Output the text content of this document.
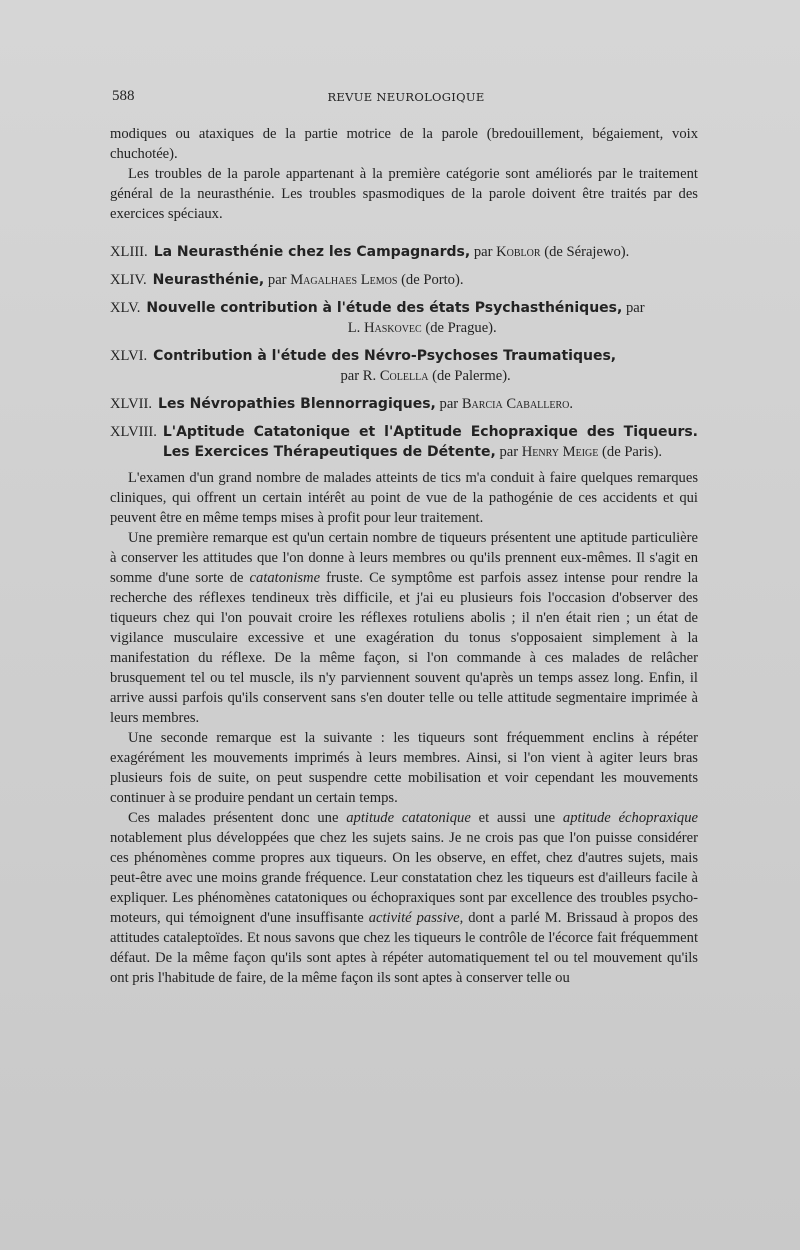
588	REVUE NEUROLOGIQUE

modiques ou ataxiques de la partie motrice de la parole (bredouillement, bégaiement, voix chuchotée).

Les troubles de la parole appartenant à la première catégorie sont améliorés par le traitement général de la neurasthénie. Les troubles spasmodiques de la parole doivent être traités par des exercices spéciaux.

XLIII. La Neurasthénie chez les Campagnards, par Koblor (de Sérajewo).
XLIV. Neurasthénie, par Magalhaes Lemos (de Porto).
XLV. Nouvelle contribution à l'étude des états Psychasthéniques, par
L. Haskovec (de Prague).
XLVI. Contribution à l'étude des Névro-Psychoses Traumatiques,
par R. Colella (de Palerme).
XLVII. Les Névropathies Blennorragiques, par Barcia Caballero.
XLVIII. L'Aptitude Catatonique et l'Aptitude Echopraxique des Tiqueurs. Les Exercices Thérapeutiques de Détente, par Henry Meige (de Paris).

L'examen d'un grand nombre de malades atteints de tics m'a conduit à faire quelques remarques cliniques, qui offrent un certain intérêt au point de vue de la pathogénie de ces accidents et qui peuvent être en même temps mises à profit pour leur traitement.

Une première remarque est qu'un certain nombre de tiqueurs présentent une aptitude particulière à conserver les attitudes que l'on donne à leurs membres ou qu'ils prennent eux-mêmes. Il s'agit en somme d'une sorte de catatonisme fruste. Ce symptôme est parfois assez intense pour rendre la recherche des réflexes tendineux très difficile, et j'ai eu plusieurs fois l'occasion d'observer des tiqueurs chez qui l'on pouvait croire les réflexes rotuliens abolis ; il n'en était rien ; un état de vigilance musculaire excessive et une exagération du tonus s'opposaient simplement à la manifestation du réflexe. De la même façon, si l'on commande à ces malades de relâcher brusquement tel ou tel muscle, ils n'y parviennent souvent qu'après un temps assez long. Enfin, il arrive aussi parfois qu'ils conservent sans s'en douter telle ou telle attitude segmentaire imprimée à leurs membres.

Une seconde remarque est la suivante : les tiqueurs sont fréquemment enclins à répéter exagérément les mouvements imprimés à leurs membres. Ainsi, si l'on vient à agiter leurs bras plusieurs fois de suite, on peut suspendre cette mobilisation et voir cependant les mouvements continuer à se produire pendant un certain temps.

Ces malades présentent donc une aptitude catatonique et aussi une aptitude échopraxique notablement plus développées que chez les sujets sains. Je ne crois pas que l'on puisse considérer ces phénomènes comme propres aux tiqueurs. On les observe, en effet, chez d'autres sujets, mais peut-être avec une moins grande fréquence. Leur constatation chez les tiqueurs est d'ailleurs facile à expliquer. Les phénomènes catatoniques ou échopraxiques sont par excellence des troubles psycho-moteurs, qui témoignent d'une insuffisante activité passive, dont a parlé M. Brissaud à propos des attitudes cataleptoïdes. Et nous savons que chez les tiqueurs le contrôle de l'écorce fait fréquemment défaut. De la même façon qu'ils sont aptes à répéter automatiquement tel ou tel mouvement qu'ils ont pris l'habitude de faire, de la même façon ils sont aptes à conserver telle ou
